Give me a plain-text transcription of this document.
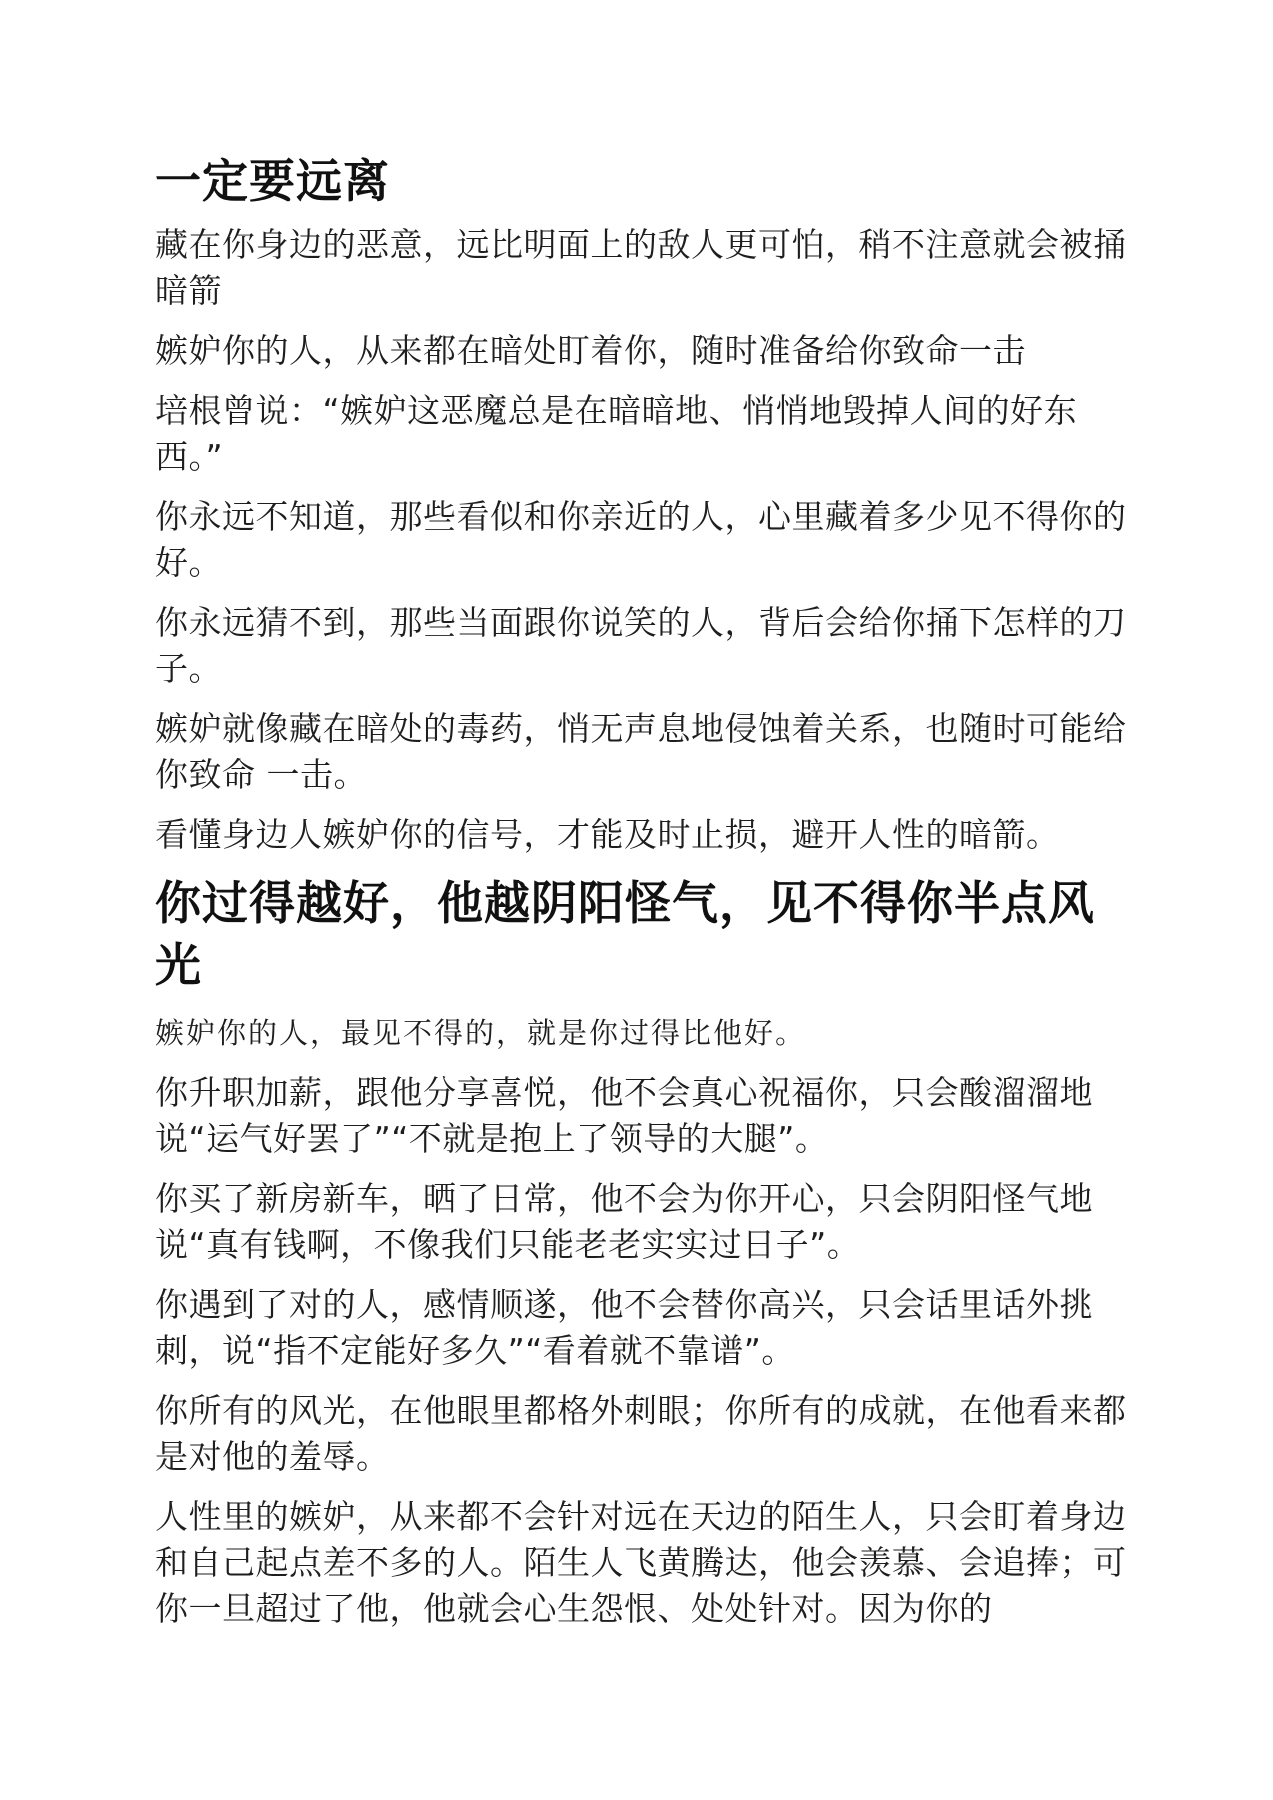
一定要远离

藏在你身边的恶意，远比明面上的敌人更可怕，稍不注意就会被捅暗箭

嫉妒你的人，从来都在暗处盯着你，随时准备给你致命一击

培根曾说：“嫉妒这恶魔总是在暗暗地、悄悄地毁掉人间的好东西。”

你永远不知道，那些看似和你亲近的人，心里藏着多少见不得你的好。

你永远猜不到，那些当面跟你说笑的人，背后会给你捅下怎样的刀子。

嫉妒就像藏在暗处的毒药，悄无声息地侵蚀着关系，也随时可能给你致命 一击。

看懂身边人嫉妒你的信号，才能及时止损，避开人性的暗箭。

你过得越好，他越阴阳怪气，见不得你半点风光

嫉妒你的人，最见不得的，就是你过得比他好。

你升职加薪，跟他分享喜悦，他不会真心祝福你，只会酸溜溜地说“运气好罢了”“不就是抱上了领导的大腿”。

你买了新房新车，晒了日常，他不会为你开心，只会阴阳怪气地说“真有钱啊，不像我们只能老老实实过日子”。

你遇到了对的人，感情顺遂，他不会替你高兴，只会话里话外挑刺，说“指不定能好多久”“看着就不靠谱”。

你所有的风光，在他眼里都格外刺眼；你所有的成就，在他看来都是对他的羞辱。

人性里的嫉妒，从来都不会针对远在天边的陌生人，只会盯着身边和自己起点差不多的人。陌生人飞黄腾达，他会羡慕、会追捧；可你一旦超过了他，他就会心生怨恨、处处针对。因为你的
